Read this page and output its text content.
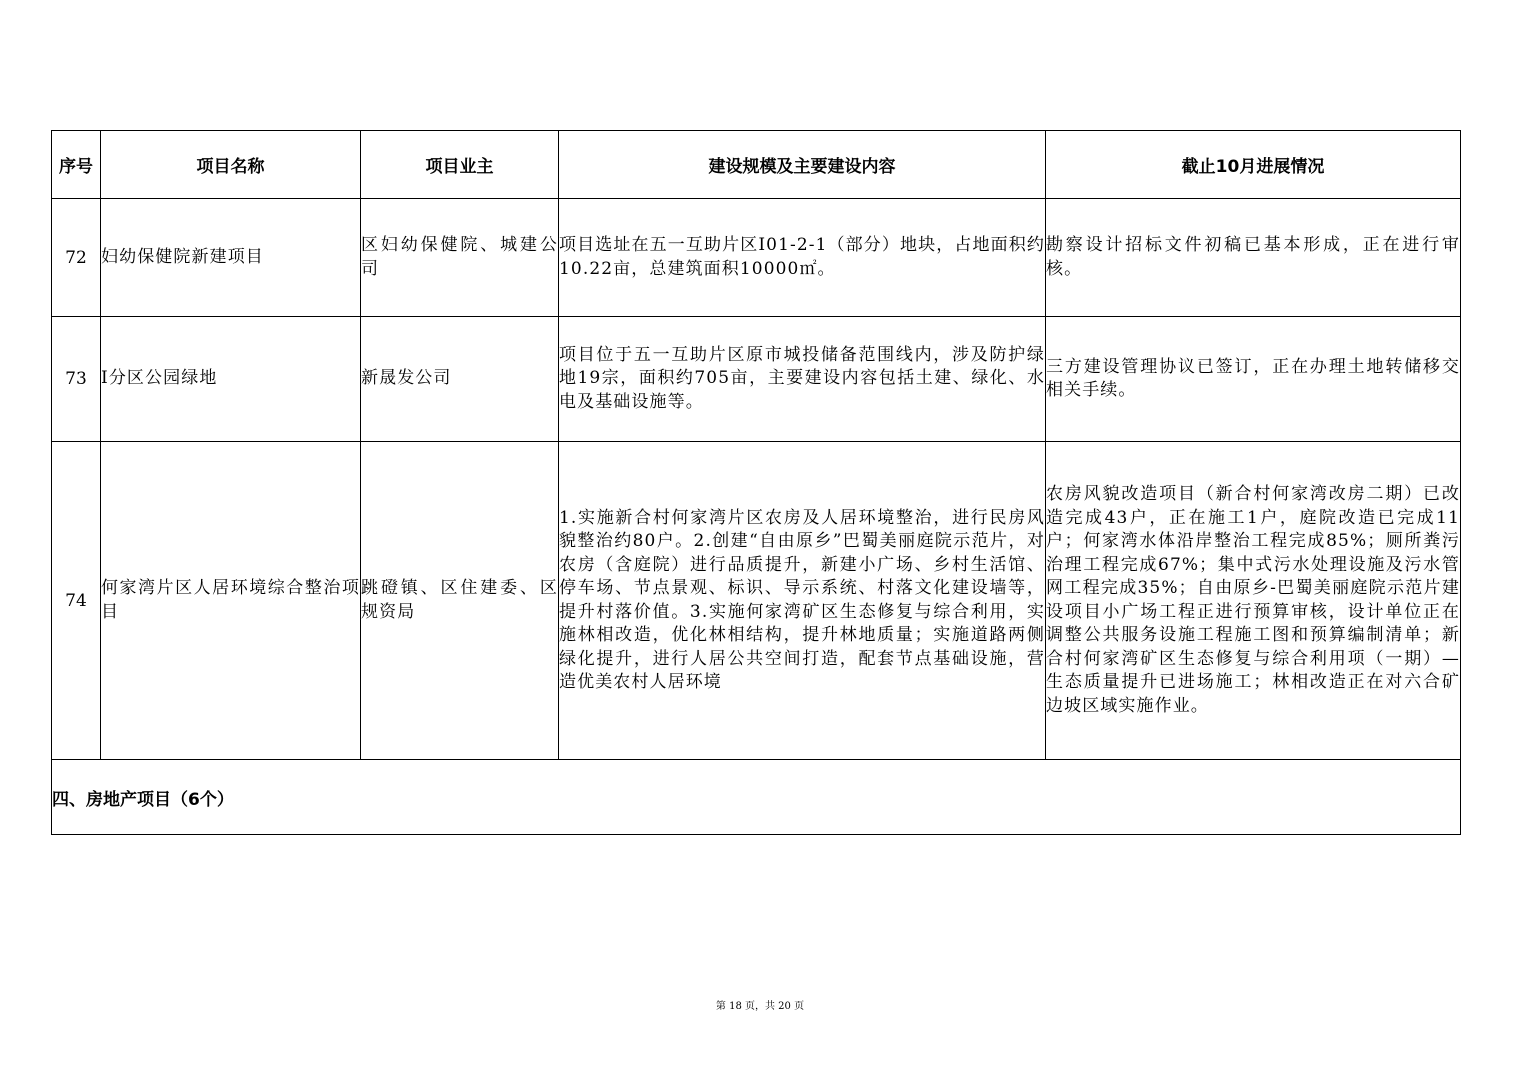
序号	项目名称	项目业主	建设规模及主要建设内容	截止10月进展情况
72	妇幼保健院新建项目	区妇幼保健院、城建公司	项目选址在五一互助片区I01-2-1（部分）地块，占地面积约10.22亩，总建筑面积10000㎡。	勘察设计招标文件初稿已基本形成，正在进行审核。
73	I分区公园绿地	新晟发公司	项目位于五一互助片区原市城投储备范围线内，涉及防护绿地19宗，面积约705亩，主要建设内容包括土建、绿化、水电及基础设施等。	三方建设管理协议已签订，正在办理土地转储移交相关手续。
74	何家湾片区人居环境综合整治项目	跳磴镇、区住建委、区规资局	1.实施新合村何家湾片区农房及人居环境整治，进行民房风貌整治约80户。2.创建“自由原乡”巴蜀美丽庭院示范片，对农房（含庭院）进行品质提升，新建小广场、乡村生活馆、停车场、节点景观、标识、导示系统、村落文化建设墙等，提升村落价值。3.实施何家湾矿区生态修复与综合利用，实施林相改造，优化林相结构，提升林地质量；实施道路两侧绿化提升，进行人居公共空间打造，配套节点基础设施，营造优美农村人居环境	农房风貌改造项目（新合村何家湾改房二期）已改造完成43户，正在施工1户，庭院改造已完成11户；何家湾水体沿岸整治工程完成85%；厕所粪污治理工程完成67%；集中式污水处理设施及污水管网工程完成35%；自由原乡-巴蜀美丽庭院示范片建设项目小广场工程正进行预算审核，设计单位正在调整公共服务设施工程施工图和预算编制清单；新合村何家湾矿区生态修复与综合利用项（一期）—生态质量提升已进场施工；林相改造正在对六合矿边坡区域实施作业。
四、房地产项目（6个）				
第 18 页，共 20 页
